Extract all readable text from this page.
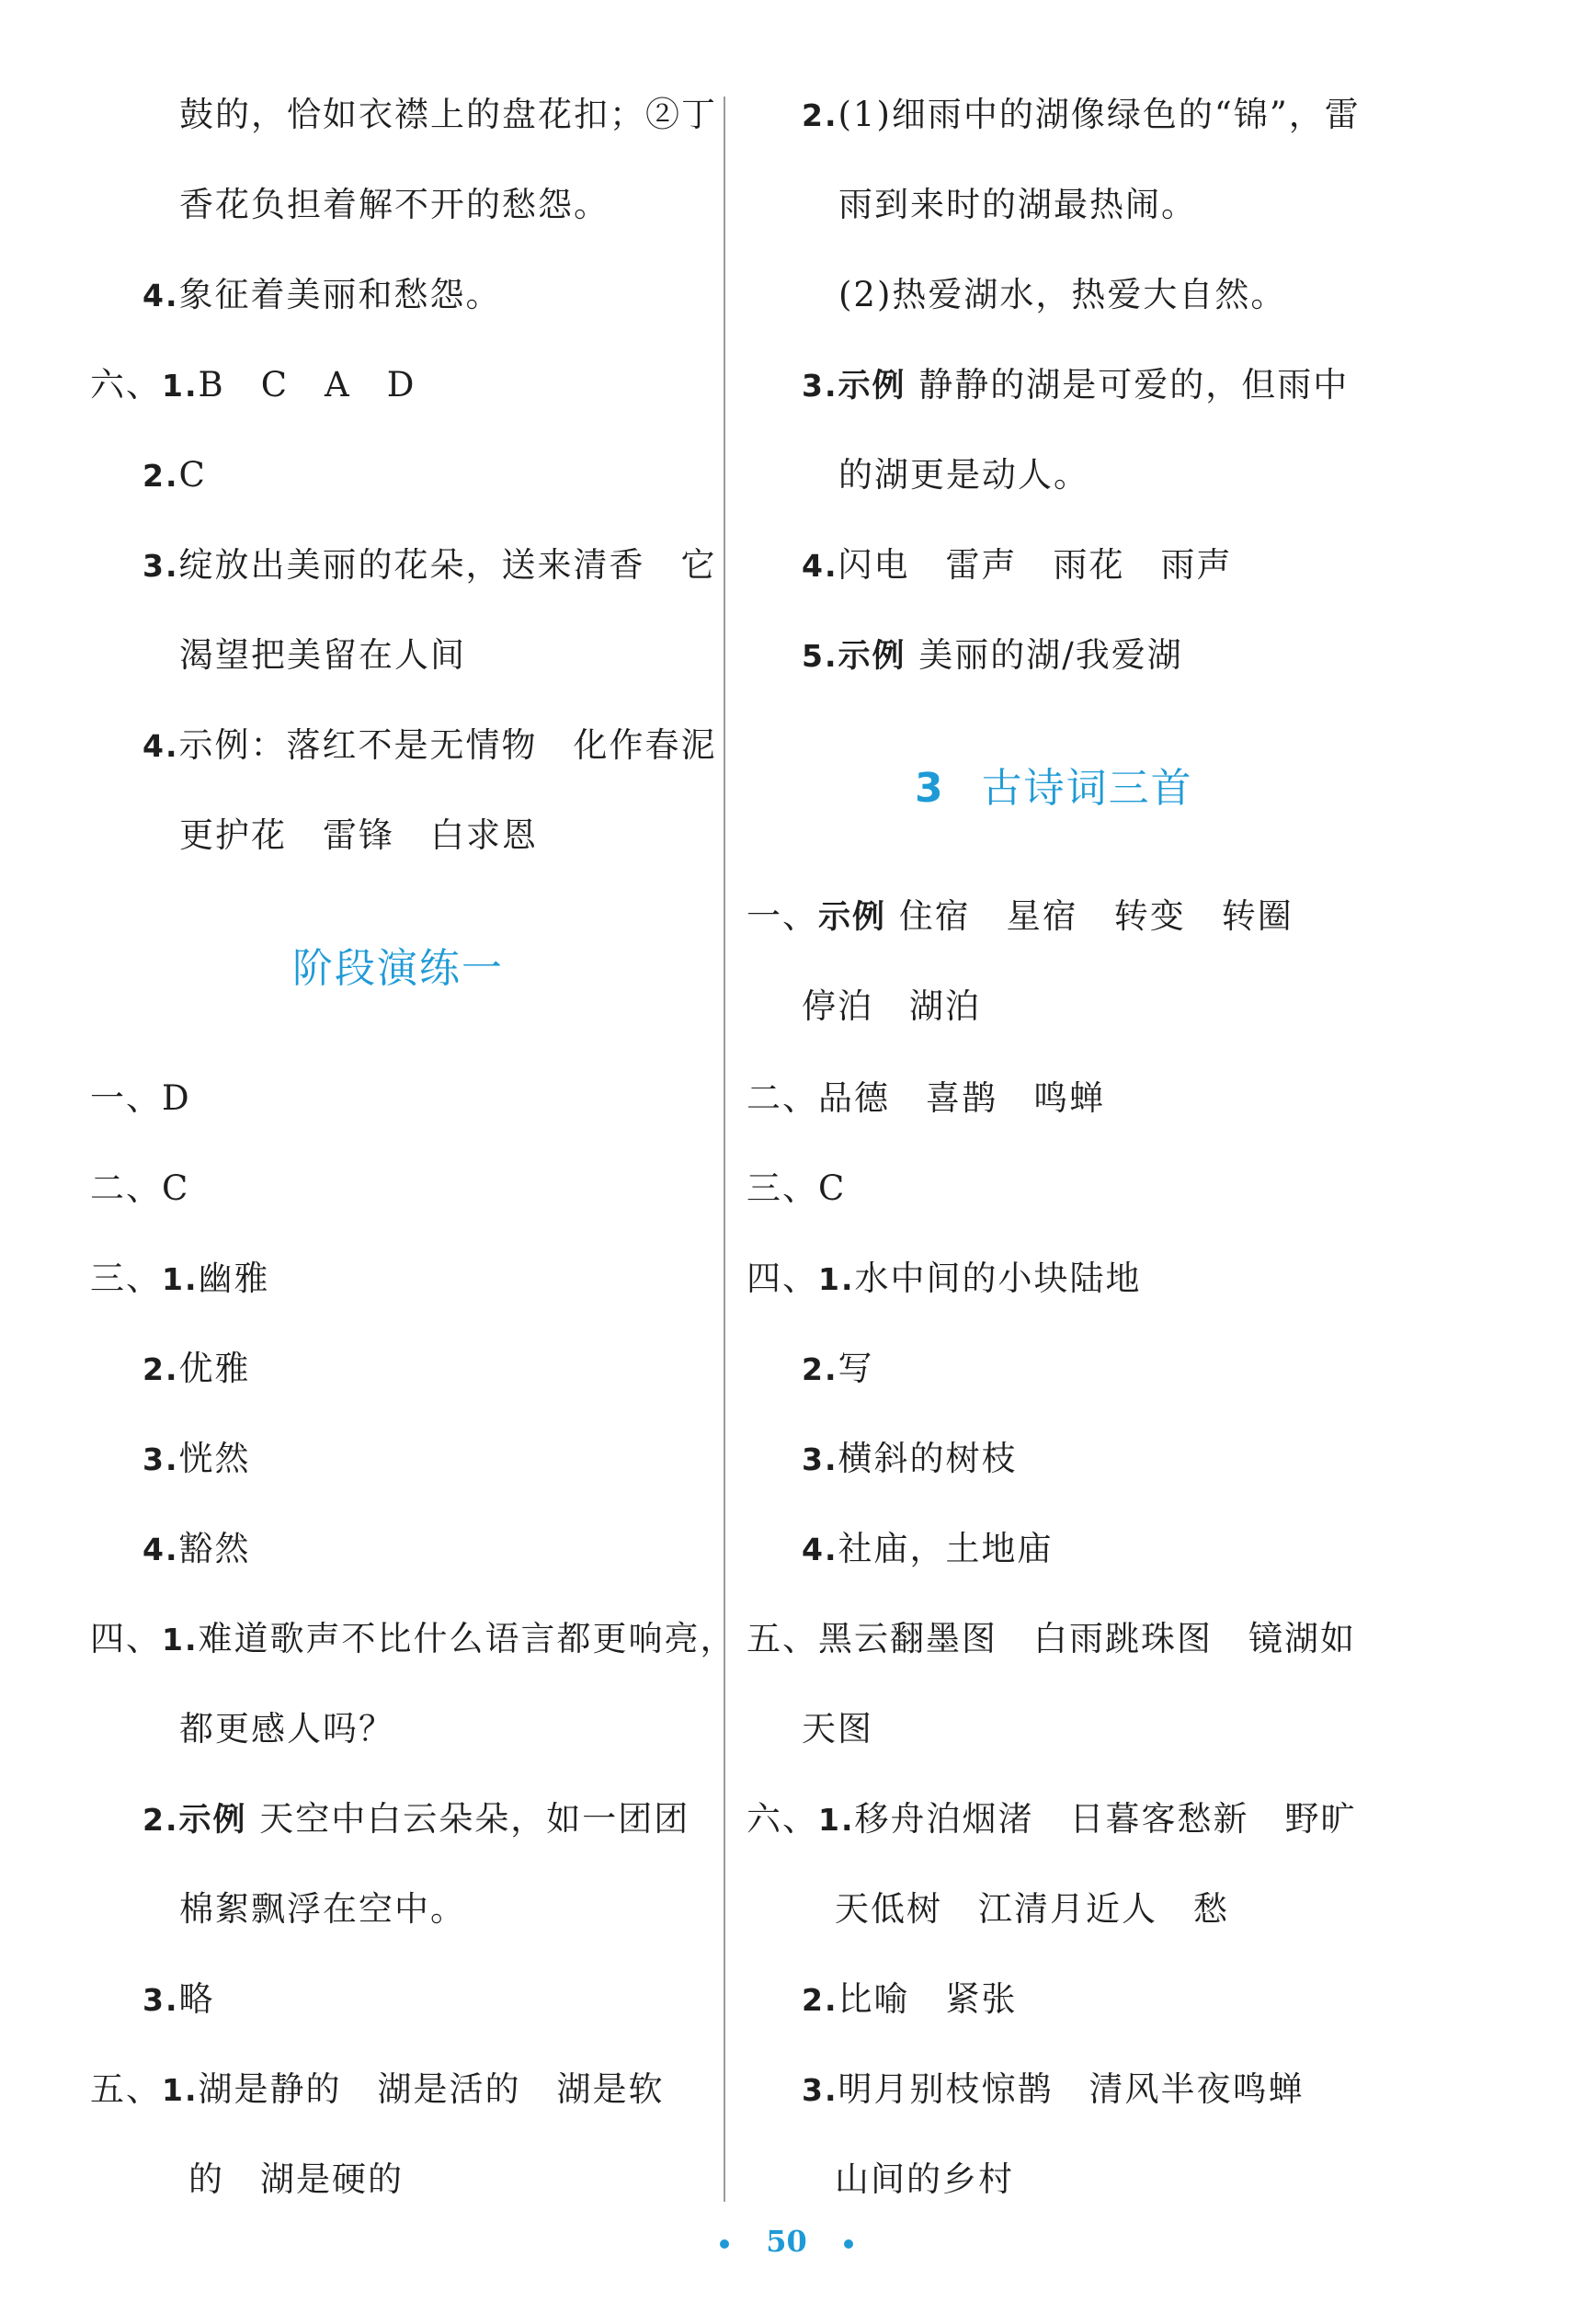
鼓的，恰如衣襟上的盘花扣；②丁
香花负担着解不开的愁怨。
4.象征着美丽和愁怨。
六、1.B　C　A　D
2.C
3.绽放出美丽的花朵，送来清香　它
渴望把美留在人间
4.示例：落红不是无情物　化作春泥
更护花　雷锋　白求恩
阶段演练一
一、D
二、C
三、1.幽雅
2.优雅
3.恍然
4.豁然
四、1.难道歌声不比什么语言都更响亮，
都更感人吗？
2.示例 天空中白云朵朵，如一团团
棉絮飘浮在空中。
3.略
五、1.湖是静的　湖是活的　湖是软
的　湖是硬的
2.(1)细雨中的湖像绿色的“锦”，雷
雨到来时的湖最热闹。
(2)热爱湖水，热爱大自然。
3.示例 静静的湖是可爱的，但雨中
的湖更是动人。
4.闪电　雷声　雨花　雨声
5.示例 美丽的湖/我爱湖
3 古诗词三首
一、示例 住宿　星宿　转变　转圈
停泊　湖泊
二、品德　喜鹊　鸣蝉
三、C
四、1.水中间的小块陆地
2.写
3.横斜的树枝
4.社庙，土地庙
五、黑云翻墨图　白雨跳珠图　镜湖如
天图
六、1.移舟泊烟渚　日暮客愁新　野旷
天低树　江清月近人　愁
2.比喻　紧张
3.明月别枝惊鹊　清风半夜鸣蝉
山间的乡村
50
